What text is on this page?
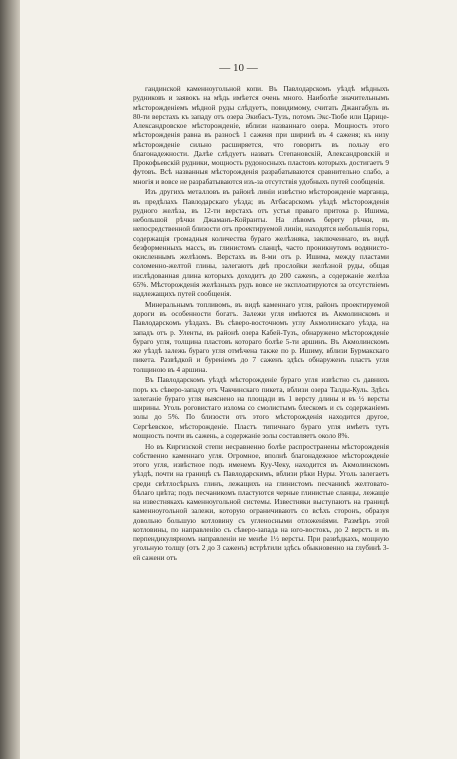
— 10 —

гандинской каменноугольной копи. Въ Павлодарскомъ уѣздѣ мѣдныхъ рудниковъ и заявокъ на мѣдь имѣется очень много. Наиболѣе значительнымъ мѣсторожденіемъ мѣдной руды слѣдуетъ, повидимому, считать Джангабуль въ 80-ти верстахъ къ западу отъ озера Экибасъ-Тузъ, потомъ Экс-Тюбе или Царице-Александровское мѣсторожденіе, вблизи названнаго озера. Мощность этого мѣсторожденія равна въ разносѣ 1 саженя при ширинѣ въ 4 саженя; къ низу мѣсторожденіе сильно расширяется, что говоритъ въ пользу его благонадежности. Далѣе слѣдуетъ назвать Степановскій, Александровскій и Прокофьевскій рудники, мощность рудоносныхъ пластовъ которыхъ достигаетъ 9 футовъ. Всѣ названныя мѣсторожденія разрабатываются сравнительно слабо, а многія и вовсе не разрабатываются изъ-за отсутствія удобныхъ путей сообщенія.

Изъ другихъ металловъ въ районѣ линіи извѣстно мѣсторожденіе марганца, въ предѣлахъ Павлодарскаго уѣзда; въ Атбасарскомъ уѣздѣ мѣсторожденія рудного желѣза, въ 12-ти верстахъ отъ устья праваго притока р. Ишима, небольшой рѣчки Джаманъ-Койранты. На лѣвомъ берегу рѣчки, въ непосредственной близости отъ проектируемой линіи, находятся небольшія горы, содержащія громадныя количества бураго желѣзняка, заключеннаго, въ видѣ безформенныхъ массъ, въ глинистомъ сланцѣ, часто проникнутомъ водянисто-окисленнымъ желѣзомъ. Верстахъ въ 8-ми отъ р. Ишима, между пластами соломенно-желтой глины, залегаютъ двѣ прослойки желѣзной руды, общая изслѣдованная длина которыхъ доходитъ до 200 саженъ, а содержаніе желѣза 65%. Мѣсторожденія желѣзныхъ рудъ вовсе не эксплоатируются за отсутствіемъ надлежащихъ путей сообщенія.

Минеральнымъ топливомъ, въ видѣ каменнаго угля, районъ проектируемой дороги въ особенности богатъ. Залежи угля имѣются въ Акмолинскомъ и Павлодарскомъ уѣздахъ. Въ сѣверо-восточномъ углу Акмолинскаго уѣзда, на западъ отъ р. Уленты, въ районѣ озера Кабей-Тузъ, обнаружено мѣсторожденіе бураго угля, толщина пластовъ котораго болѣе 5-ти аршинъ. Въ Акмолинскомъ же уѣздѣ залежь бураго угля отмѣчена также по р. Ишиму, вблизи Бурмакскаго пикета. Развѣдкой и буреніемъ до 7 саженъ здѣсь обнаруженъ пластъ угля толщиною въ 4 аршина.

Въ Павлодарскомъ уѣздѣ мѣсторожденіе бураго угля извѣстно съ давнихъ поръ къ сѣверо-западу отъ Чакчинскаго пикета, вблизи озера Талды-Куль. Здѣсь залеганіе бураго угля выяснено на площади въ 1 версту длины и въ ½ версты ширины. Уголь роговистаго излома со смолистымъ блескомъ и съ содержаніемъ золы до 5%. По близости отъ этого мѣсторожденія находится другое, Сергѣевское, мѣсторожденіе. Пластъ типичнаго бураго угля имѣетъ тутъ мощность почти въ сажень, а содержаніе золы составляетъ около 8%.

Но въ Киргизской степи несравненно болѣе распространены мѣсторожденія собственно каменнаго угля. Огромное, вполнѣ благонадежное мѣсторожденіе этого угля, извѣстное подъ именемъ Куу-Чеку, находится въ Акмолинскомъ уѣздѣ, почти на границѣ съ Павлодарскимъ, вблизи рѣки Нуры. Уголь залегаетъ среди свѣтлосѣрыхъ глинъ, лежащихъ на глинистомъ песчаникѣ желтовато-бѣлаго цвѣта; подъ песчаникомъ пластуются черные глинистые сланцы, лежащіе на известнякахъ каменноугольной системы. Известняки выступаютъ на границѣ каменноугольной залежи, которую ограничиваютъ со всѣхъ сторонъ, образуя довольно большую котловину съ угленосными отложеніями. Размѣръ этой котловины, по направленію съ сѣверо-запада на юго-востокъ, до 2 верстъ и въ перпендикулярномъ направленіи не менѣе 1½ версты. При развѣдкахъ, мощную угольную толщу (отъ 2 до 3 саженъ) встрѣтили здѣсь обыкновенно на глубинѣ 3-ей сажени отъ
